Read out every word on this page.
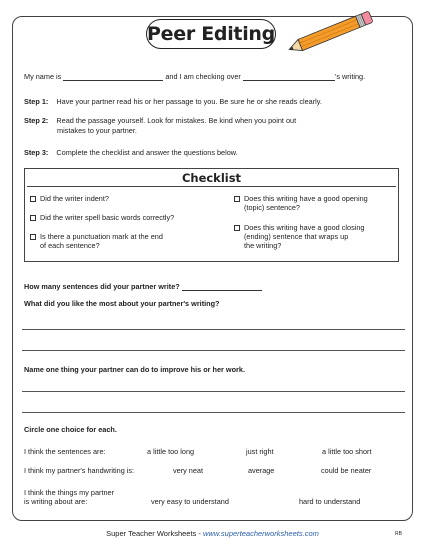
Peer Editing
My name is	and I am checking over	’s writing.
Step 1: Have your partner read his or her passage to you. Be sure he or she reads clearly.
Step 2: Read the passage yourself. Look for mistakes. Be kind when you point out
mistakes to your partner.
Step 3: Complete the checklist and answer the questions below.
Checklist
Did the writer indent?
Did the writer spell basic words correctly?
Is there a punctuation mark at the end
of each sentence?
Does this writing have a good opening
(topic) sentence?
Does this writing have a good closing
(ending) sentence that wraps up
the writing?
How many sentences did your partner write?
What did you like the most about your partner's writing?
Name one thing your partner can do to improve his or her work.
Circle one choice for each.
I think the sentences are:	a little too long	just right	a little too short
I think my partner's handwriting is:	very neat	average	could be neater
I think the things my partner
is writing about are:	very easy to understand	hard to understand
Super Teacher Worksheets - www.superteacherworksheets.com	RB
